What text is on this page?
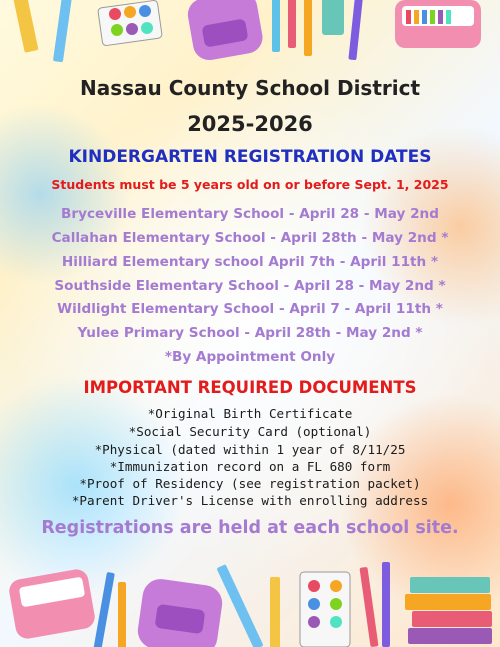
Nassau County School District
2025-2026
KINDERGARTEN REGISTRATION DATES
Students must be 5 years old on or before Sept. 1, 2025
Bryceville Elementary School - April 28 - May 2nd
Callahan Elementary School - April 28th - May 2nd *
Hilliard Elementary school April 7th - April 11th *
Southside Elementary School - April 28 - May 2nd *
Wildlight Elementary School - April 7 - April 11th *
Yulee Primary School - April 28th - May 2nd *
*By Appointment Only
IMPORTANT REQUIRED DOCUMENTS
*Original Birth Certificate
*Social Security Card (optional)
*Physical (dated within 1 year of 8/11/25
*Immunization record on a FL 680 form
*Proof of Residency (see registration packet)
*Parent Driver's License with enrolling address
Registrations are held at each school site.
